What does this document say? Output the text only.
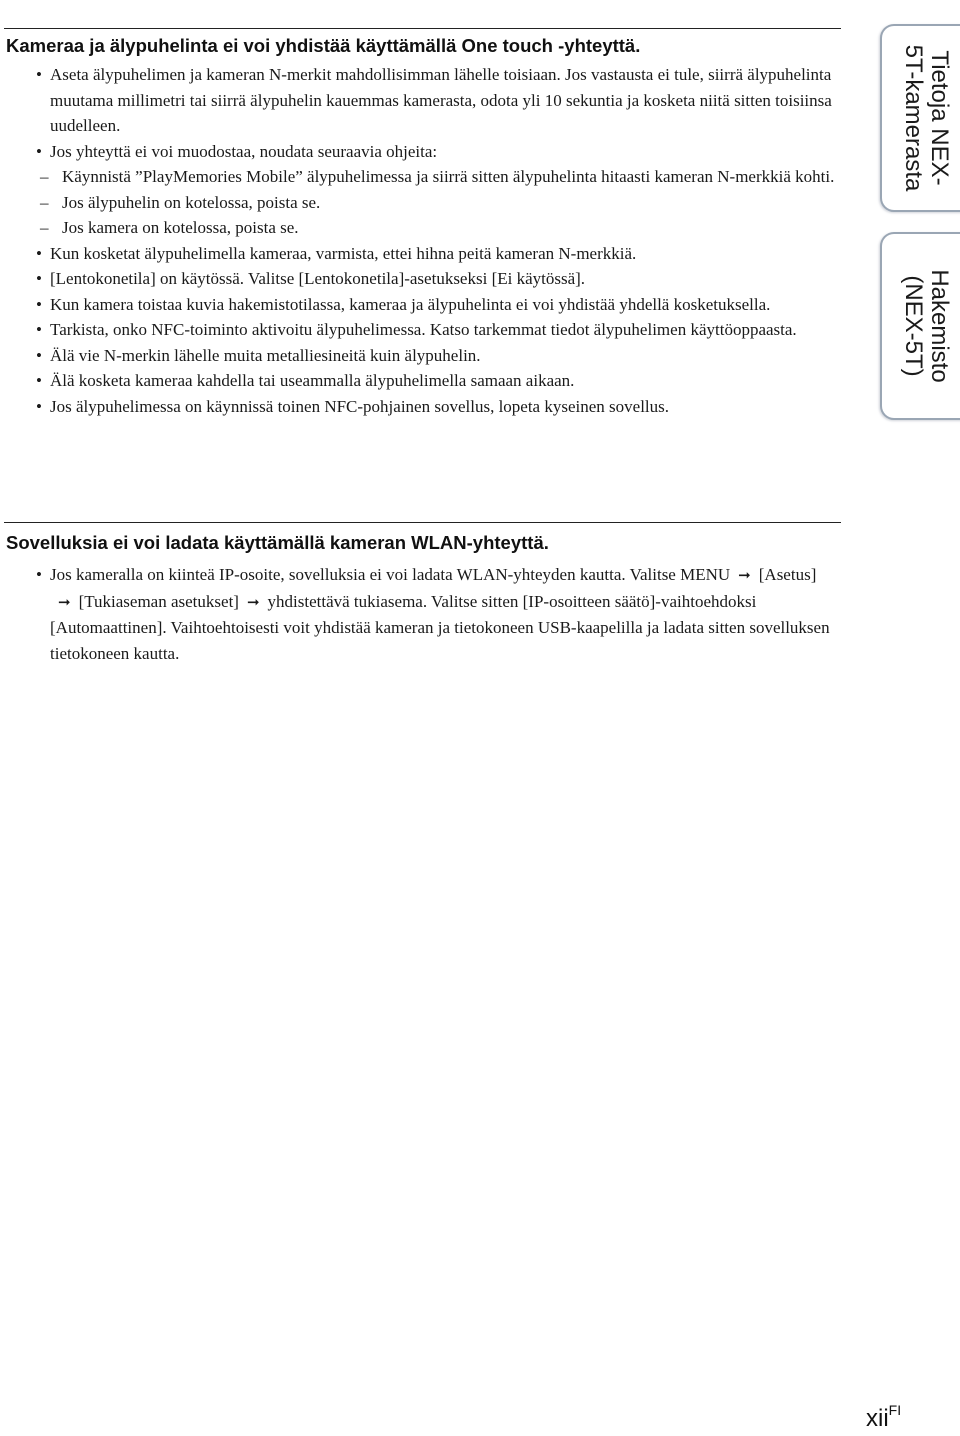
Kameraa ja älypuhelinta ei voi yhdistää käyttämällä One touch -yhteyttä.
• Aseta älypuhelimen ja kameran N-merkit mahdollisimman lähelle toisiaan. Jos vastausta ei tule, siirrä älypuhelinta muutama millimetri tai siirrä älypuhelin kauemmas kamerasta, odota yli 10 sekuntia ja kosketa niitä sitten toisiinsa uudelleen.
• Jos yhteyttä ei voi muodostaa, noudata seuraavia ohjeita:
– Käynnistä ”PlayMemories Mobile” älypuhelimessa ja siirrä sitten älypuhelinta hitaasti kameran N-merkkiä kohti.
– Jos älypuhelin on kotelossa, poista se.
– Jos kamera on kotelossa, poista se.
• Kun kosketat älypuhelimella kameraa, varmista, ettei hihna peitä kameran N-merkkiä.
• [Lentokonetila] on käytössä. Valitse [Lentokonetila]-asetukseksi [Ei käytössä].
• Kun kamera toistaa kuvia hakemistotilassa, kameraa ja älypuhelinta ei voi yhdistää yhdellä kosketuksella.
• Tarkista, onko NFC-toiminto aktivoitu älypuhelimessa. Katso tarkemmat tiedot älypuhelimen käyttöoppaasta.
• Älä vie N-merkin lähelle muita metalliesineitä kuin älypuhelin.
• Älä kosketa kameraa kahdella tai useammalla älypuhelimella samaan aikaan.
• Jos älypuhelimessa on käynnissä toinen NFC-pohjainen sovellus, lopeta kyseinen sovellus.
Sovelluksia ei voi ladata käyttämällä kameran WLAN-yhteyttä.
• Jos kameralla on kiinteä IP-osoite, sovelluksia ei voi ladata WLAN-yhteyden kautta. Valitse MENU ➞ [Asetus]➞ [Tukiaseman asetukset] ➞ yhdistettävä tukiasema. Valitse sitten [IP-osoitteen säätö]-vaihtoehdoksi [Automaattinen]. Vaihtoehtoisesti voit yhdistää kameran ja tietokoneen USB-kaapelilla ja ladata sitten sovelluksen tietokoneen kautta.
Tietoja NEX-
5T-kamerasta
Hakemisto
(NEX-5T)
xii$^{FI}$
